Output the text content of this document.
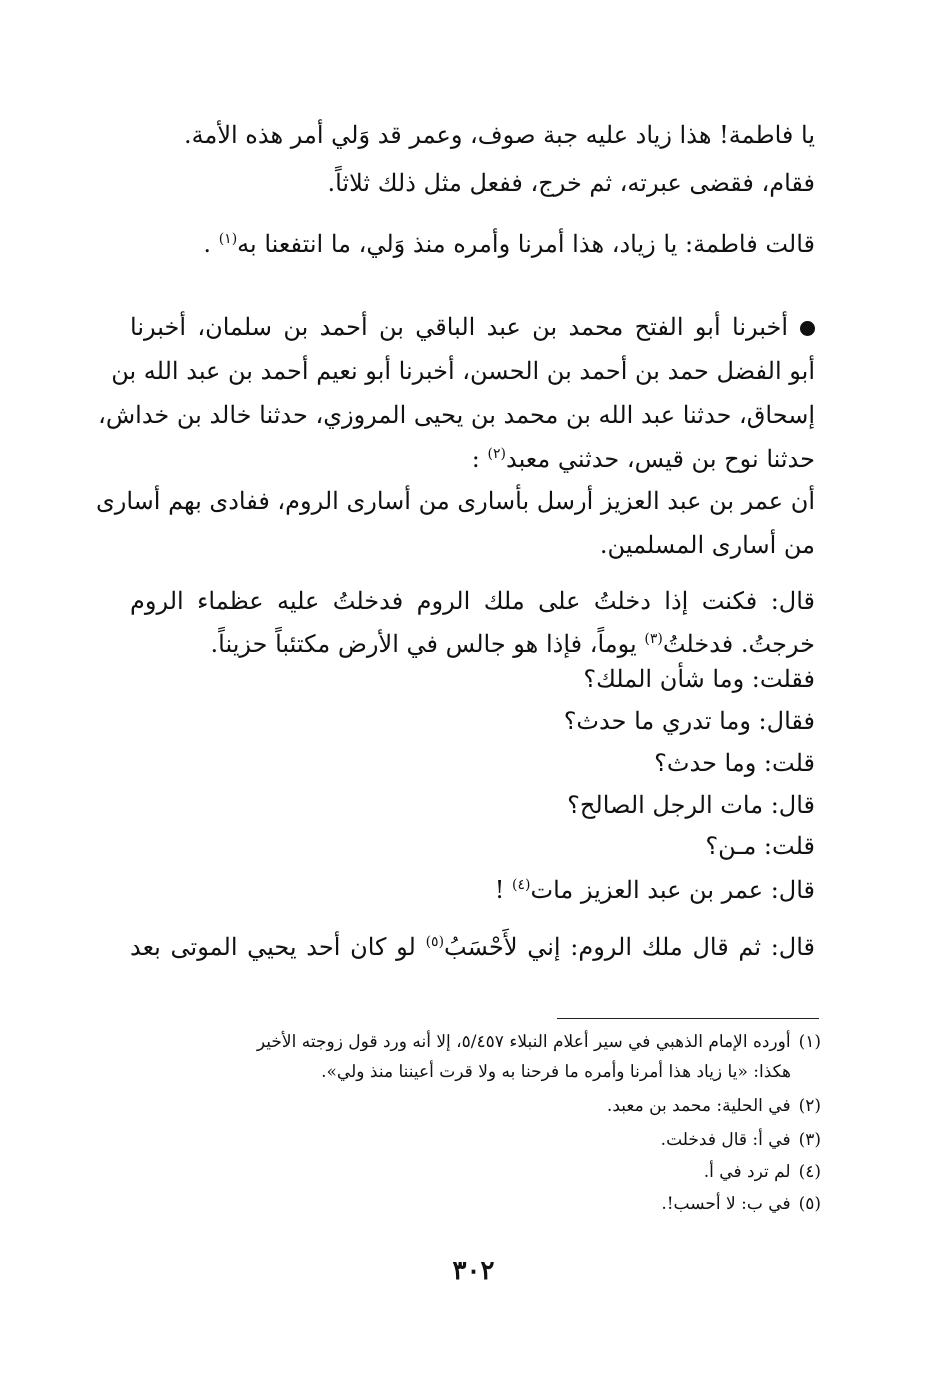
يا فاطمة! هذا زياد عليه جبة صوف، وعمر قد وَلي أمر هذه الأمة.
فقام، فقضى عبرته، ثم خرج، ففعل مثل ذلك ثلاثاً.
قالت فاطمة: يا زياد، هذا أمرنا وأمره منذ وَلي، ما انتفعنا به$^{(١)}$ .
أخبرنا أبو الفتح محمد بن عبد الباقي بن أحمد بن سلمان، أخبرنا
أبو الفضل حمد بن أحمد بن الحسن، أخبرنا أبو نعيم أحمد بن عبد الله بن
إسحاق، حدثنا عبد الله بن محمد بن يحيى المروزي، حدثنا خالد بن خداش،
حدثنا نوح بن قيس، حدثني معبد$^{(٢)}$ :
أن عمر بن عبد العزيز أرسل بأسارى من أسارى الروم، ففادى بهم أسارى
من أسارى المسلمين.
قال: فكنت إذا دخلتُ على ملك الروم فدخلتُ عليه عظماء الروم
خرجتُ. فدخلتُ$^{(٣)}$ يوماً، فإذا هو جالس في الأرض مكتئباً حزيناً.
فقلت: وما شأن الملك؟
فقال: وما تدري ما حدث؟
قلت: وما حدث؟
قال: مات الرجل الصالح؟
قلت: مـن؟
قال: عمر بن عبد العزيز مات$^{(٤)}$ !
قال: ثم قال ملك الروم: إني لأَحْسَبُ$^{(٥)}$ لو كان أحد يحيي الموتى بعد
(١)أورده الإمام الذهبي في سير أعلام النبلاء ٥/٤٥٧، إلا أنه ورد قول زوجته الأخير
هكذا: «يا زياد هذا أمرنا وأمره ما فرحنا به ولا قرت أعيننا منذ ولي».
(٢)في الحلية: محمد بن معبد.
(٣)في أ: قال فدخلت.
(٤)لم ترد في أ.
(٥)في ب: لا أحسب!.
٣٠٢
